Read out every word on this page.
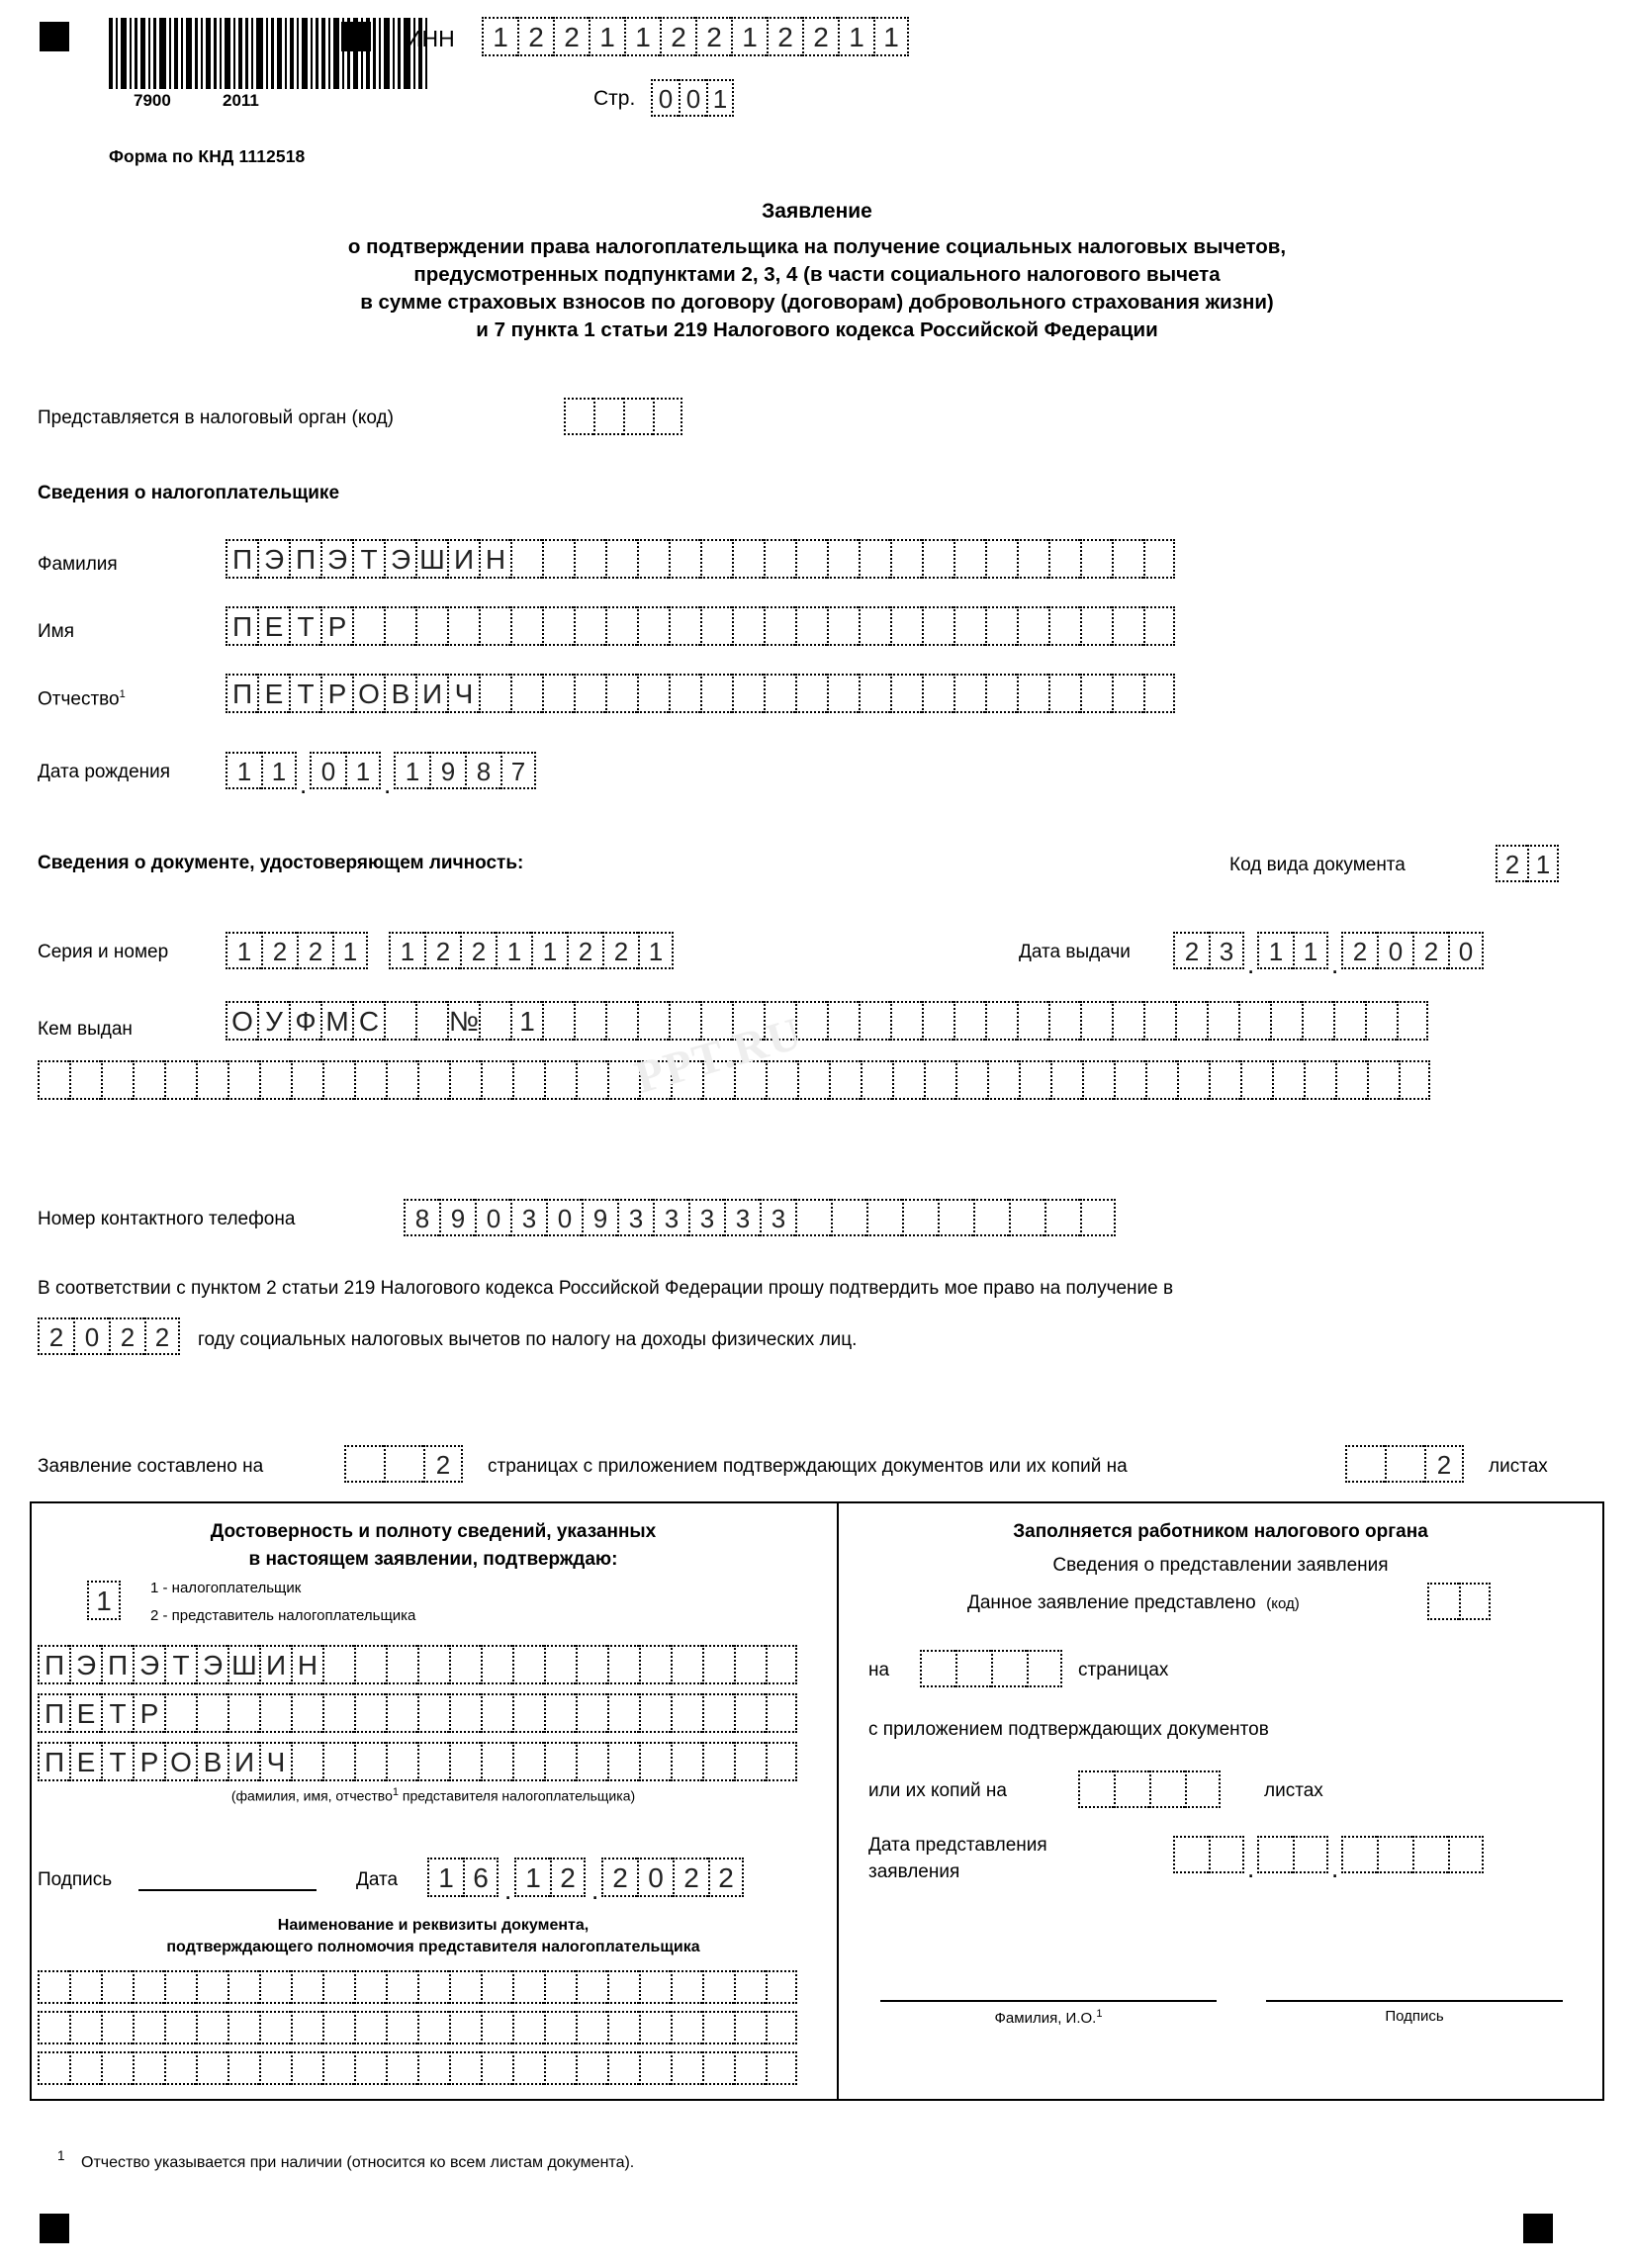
7900	2011
Форма по КНД 1112518
ИНН	1 2 2 1 1 2 2 1 2 2 1 1
Стр. 0 0 1
Заявление
о подтверждении права налогоплательщика на получение социальных налоговых вычетов,
предусмотренных подпунктами 2, 3, 4 (в части социального налогового вычета
в сумме страховых взносов по договору (договорам) добровольного страхования жизни)
и 7 пункта 1 статьи 219 Налогового кодекса Российской Федерации
Представляется в налоговый орган (код)
Сведения о налогоплательщике
Фамилия	П Э П Э Т Э Ш И Н
Имя	П Е Т Р
Отчество$^1$	П Е Т Р О В И Ч
Дата рождения	1 1 . 0 1 . 1 9 8 7
Сведения о документе, удостоверяющем личность:	Код вида документа	2 1
Серия и номер	1 2 2 1	1 2 2 1 1 2 2 1	Дата выдачи	2 3 . 1 1 . 2 0 2 0
Кем выдан	О У Ф М С	№	1 PPT.RU
Номер контактного телефона	8 9 0 3 0 9 3 3 3 3 3
В соответствии с пунктом 2 статьи 219 Налогового кодекса Российской Федерации прошу подтвердить мое право на получение в
2 0 2 2	году социальных налоговых вычетов по налогу на доходы физических лиц.
Заявление составлено на	2	страницах с приложением подтверждающих документов или их копий на	2	листах
Достоверность и полноту сведений, указанных
в настоящем заявлении, подтверждаю:
1	1 - налогоплательщик
2 - представитель налогоплательщика
П Э П Э Т Э Ш И Н
П Е Т Р
П Е Т Р О В И Ч
(фамилия, имя, отчество$^1$ представителя налогоплательщика)
Подпись	Дата	1 6 . 1 2 . 2 0 2 2
Наименование и реквизиты документа,
подтверждающего полномочия представителя налогоплательщика
Заполняется работником налогового органа
Сведения о представлении заявления
Данное заявление представлено (код)
на	страницах
с приложением подтверждающих документов
или их копий на	листах
Дата представления
заявления	.	.
Фамилия, И.О.$^1$	Подпись
1 Отчество указывается при наличии (относится ко всем листам документа).
